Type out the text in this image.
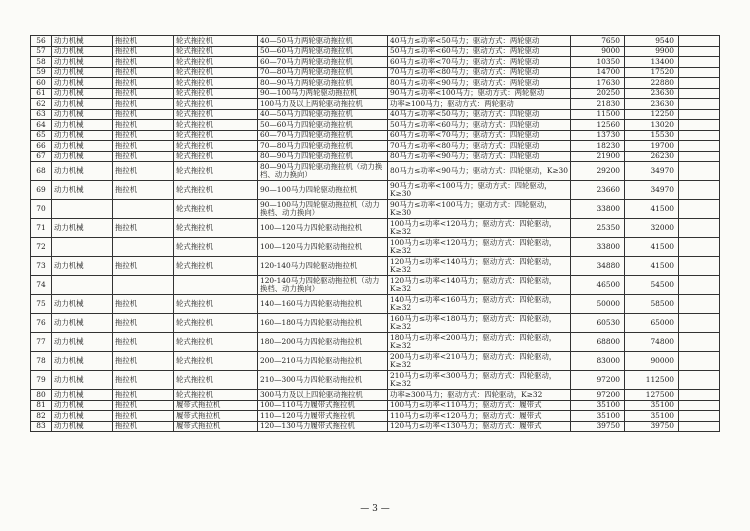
56	动力机械	拖拉机	轮式拖拉机	40—50马力两轮驱动拖拉机	40马力≤功率<50马力；驱动方式：两轮驱动	7650	9540	
57	动力机械	拖拉机	轮式拖拉机	50—60马力两轮驱动拖拉机	50马力≤功率<60马力；驱动方式：两轮驱动	9000	9900	
58	动力机械	拖拉机	轮式拖拉机	60—70马力两轮驱动拖拉机	60马力≤功率<70马力；驱动方式：两轮驱动	10350	13400	
59	动力机械	拖拉机	轮式拖拉机	70—80马力两轮驱动拖拉机	70马力≤功率<80马力；驱动方式：两轮驱动	14700	17520	
60	动力机械	拖拉机	轮式拖拉机	80—90马力两轮驱动拖拉机	80马力≤功率<90马力；驱动方式：两轮驱动	17630	22880	
61	动力机械	拖拉机	轮式拖拉机	90—100马力两轮驱动拖拉机	90马力≤功率<100马力；驱动方式：两轮驱动	20250	23630	
62	动力机械	拖拉机	轮式拖拉机	100马力及以上两轮驱动拖拉机	功率≥100马力；驱动方式：两轮驱动	21830	23630	
63	动力机械	拖拉机	轮式拖拉机	40—50马力四轮驱动拖拉机	40马力≤功率<50马力；驱动方式：四轮驱动	11500	12250	
64	动力机械	拖拉机	轮式拖拉机	50—60马力四轮驱动拖拉机	50马力≤功率<60马力；驱动方式：四轮驱动	12560	13020	
65	动力机械	拖拉机	轮式拖拉机	60—70马力四轮驱动拖拉机	60马力≤功率<70马力；驱动方式：四轮驱动	13730	15530	
66	动力机械	拖拉机	轮式拖拉机	70—80马力四轮驱动拖拉机	70马力≤功率<80马力；驱动方式：四轮驱动	18230	19700	
67	动力机械	拖拉机	轮式拖拉机	80—90马力四轮驱动拖拉机	80马力≤功率<90马力；驱动方式：四轮驱动	21900	26230	
68	动力机械	拖拉机	轮式拖拉机	80—90马力四轮驱动拖拉机（动力换档、动力换向）	80马力≤功率<90马力；驱动方式：四轮驱动，K≥30	29200	34970	
69	动力机械	拖拉机	轮式拖拉机	90—100马力四轮驱动拖拉机	90马力≤功率<100马力；驱动方式：四轮驱动，K≥30	23660	34970	
70			轮式拖拉机	90—100马力四轮驱动拖拉机（动力换档、动力换向）	90马力≤功率<100马力；驱动方式：四轮驱动，K≥30	33800	41500	
71	动力机械	拖拉机	轮式拖拉机	100—120马力四轮驱动拖拉机	100马力≤功率<120马力；驱动方式：四轮驱动，K≥32	25350	32000	
72			轮式拖拉机	100—120马力四轮驱动拖拉机	100马力≤功率<120马力；驱动方式：四轮驱动，K≥32	33800	41500	
73	动力机械	拖拉机	轮式拖拉机	120-140马力四轮驱动拖拉机	120马力≤功率<140马力；驱动方式：四轮驱动，K≥32	34880	41500	
74				120-140马力四轮驱动拖拉机（动力换档、动力换向）	120马力≤功率<140马力；驱动方式：四轮驱动，K≥32	46500	54500	
75	动力机械	拖拉机	轮式拖拉机	140—160马力四轮驱动拖拉机	140马力≤功率<160马力；驱动方式：四轮驱动，K≥32	50000	58500	
76	动力机械	拖拉机	轮式拖拉机	160—180马力四轮驱动拖拉机	160马力≤功率<180马力；驱动方式：四轮驱动，K≥32	60530	65000	
77	动力机械	拖拉机	轮式拖拉机	180—200马力四轮驱动拖拉机	180马力≤功率<200马力；驱动方式：四轮驱动，K≥32	68800	74800	
78	动力机械	拖拉机	轮式拖拉机	200—210马力四轮驱动拖拉机	200马力≤功率<210马力；驱动方式：四轮驱动，K≥32	83000	90000	
79	动力机械	拖拉机	轮式拖拉机	210—300马力四轮驱动拖拉机	210马力≤功率<300马力；驱动方式：四轮驱动，K≥32	97200	112500	
80	动力机械	拖拉机	轮式拖拉机	300马力及以上四轮驱动拖拉机	功率≥300马力；驱动方式：四轮驱动，K≥32	97200	127500	
81	动力机械	拖拉机	履带式拖拉机	100—110马力履带式拖拉机	100马力≤功率<110马力；驱动方式：履带式	35100	35100	
82	动力机械	拖拉机	履带式拖拉机	110—120马力履带式拖拉机	110马力≤功率<120马力；驱动方式：履带式	35100	35100	
83	动力机械	拖拉机	履带式拖拉机	120—130马力履带式拖拉机	120马力≤功率<130马力；驱动方式：履带式	39750	39750	
— 3 —
